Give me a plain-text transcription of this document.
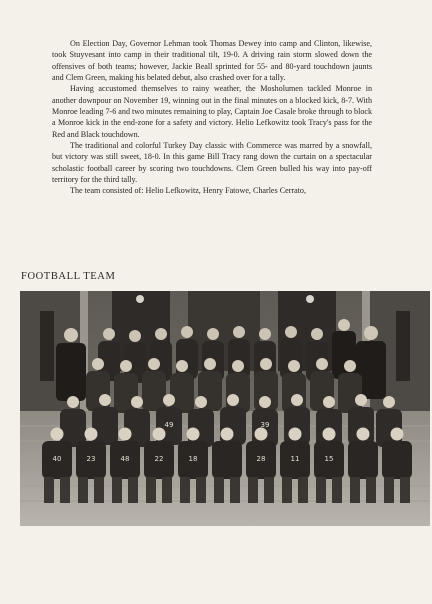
On Election Day, Governor Lehman took Thomas Dewey into camp and Clinton, likewise, took Stuyvesant into camp in their traditional tilt, 19-0. A driving rain storm slowed down the offensives of both teams; however, Jackie Beall sprinted for 55- and 80-yard touchdown jaunts and Clem Green, making his belated debut, also crashed over for a tally.

Having accustomed themselves to rainy weather, the Mosholumen tackled Monroe in another downpour on November 19, winning out in the final minutes on a blocked kick, 8-7. With Monroe leading 7-6 and two minutes remaining to play, Captain Joe Casale broke through to block a Monroe kick in the end-zone for a safety and victory. Helio Lefkowitz took Tracy's pass for the Red and Black touchdown.

The traditional and colorful Turkey Day classic with Commerce was marred by a snowfall, but victory was still sweet, 18-0. In this game Bill Tracy rang down the curtain on a spectacular scholastic football career by scoring two touchdowns. Clem Green bulled his way into pay-off territory for the third tally.

The team consisted of: Helio Lefkowitz, Henry Fatowe, Charles Cerrato,

FOOTBALL TEAM
40	23	48	22	18	28	11	15
49	39
